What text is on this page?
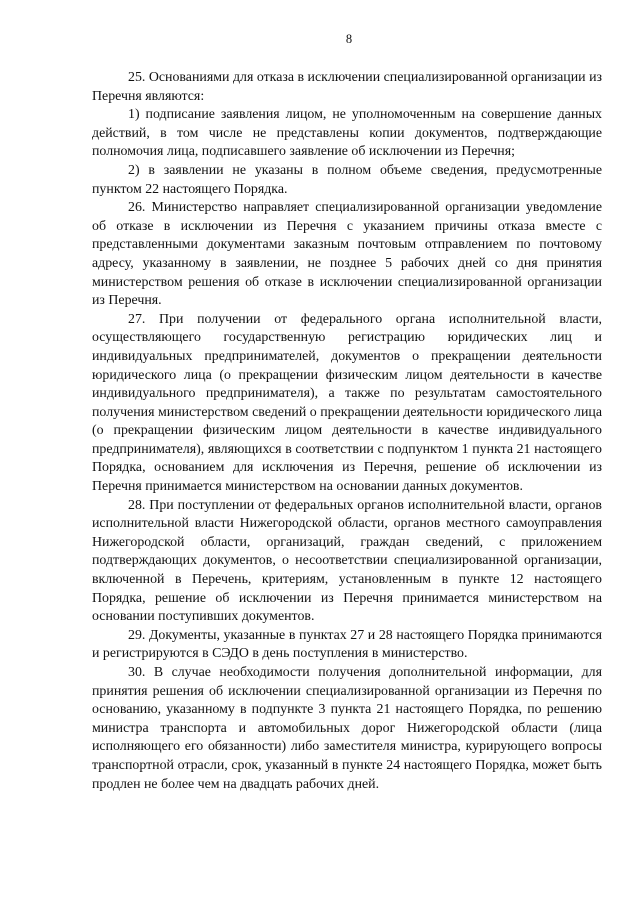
8

25. Основаниями для отказа в исключении специализированной организации из Перечня являются:

1) подписание заявления лицом, не уполномоченным на совершение данных действий, в том числе не представлены копии документов, подтверждающие полномочия лица, подписавшего заявление об исключении из Перечня;

2) в заявлении не указаны в полном объеме сведения, предусмотренные пунктом 22 настоящего Порядка.

26. Министерство направляет специализированной организации уведомление об отказе в исключении из Перечня с указанием причины отказа вместе с представленными документами заказным почтовым отправлением по почтовому адресу, указанному в заявлении, не позднее 5 рабочих дней со дня принятия министерством решения об отказе в исключении специализированной организации из Перечня.

27. При получении от федерального органа исполнительной власти, осуществляющего государственную регистрацию юридических лиц и индивидуальных предпринимателей, документов о прекращении деятельности юридического лица (о прекращении физическим лицом деятельности в качестве индивидуального предпринимателя), а также по результатам самостоятельного получения министерством сведений о прекращении деятельности юридического лица (о прекращении физическим лицом деятельности в качестве индивидуального предпринимателя), являющихся в соответствии с подпунктом 1 пункта 21 настоящего Порядка, основанием для исключения из Перечня, решение об исключении из Перечня принимается министерством на основании данных документов.

28. При поступлении от федеральных органов исполнительной власти, органов исполнительной власти Нижегородской области, органов местного самоуправления Нижегородской области, организаций, граждан сведений, с приложением подтверждающих документов, о несоответствии специализированной организации, включенной в Перечень, критериям, установленным в пункте 12 настоящего Порядка, решение об исключении из Перечня принимается министерством на основании поступивших документов.

29. Документы, указанные в пунктах 27 и 28 настоящего Порядка принимаются и регистрируются в СЭДО в день поступления в министерство.

30. В случае необходимости получения дополнительной информации, для принятия решения об исключении специализированной организации из Перечня по основанию, указанному в подпункте 3 пункта 21 настоящего Порядка, по решению министра транспорта и автомобильных дорог Нижегородской области (лица исполняющего его обязанности) либо заместителя министра, курирующего вопросы транспортной отрасли, срок, указанный в пункте 24 настоящего Порядка, может быть продлен не более чем на двадцать рабочих дней.
